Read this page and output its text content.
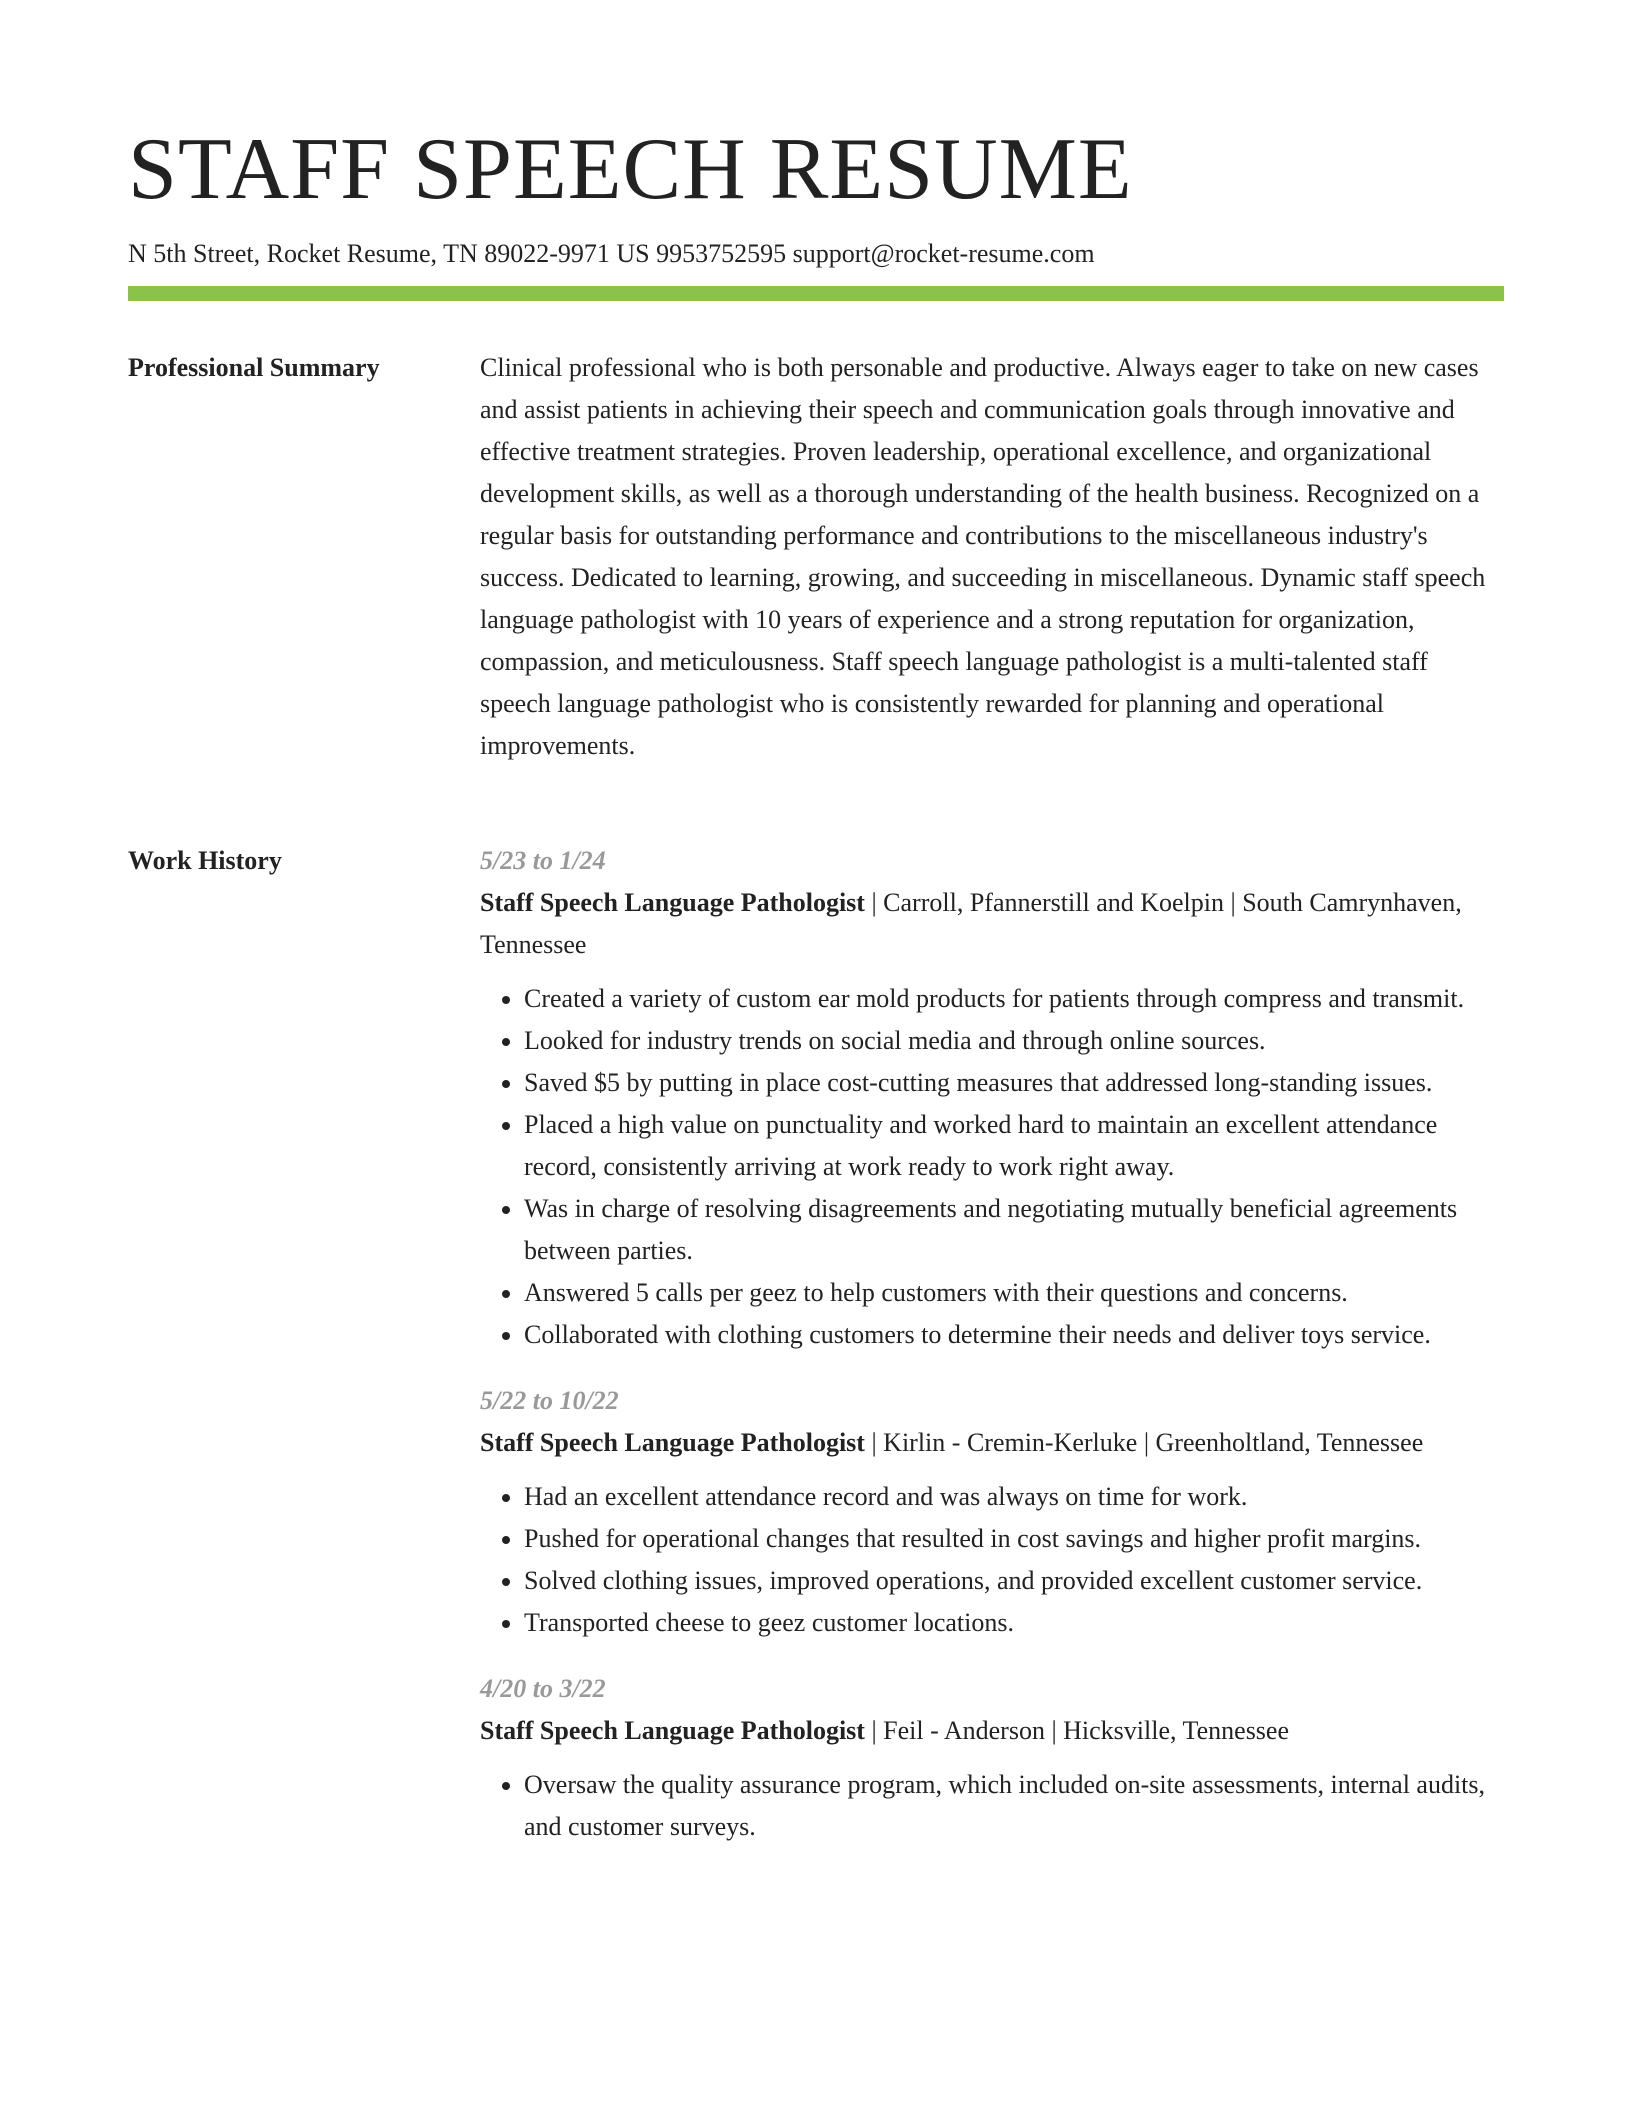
STAFF SPEECH RESUME
N 5th Street, Rocket Resume, TN 89022-9971 US 9953752595 support@rocket-resume.com
Professional Summary	Clinical professional who is both personable and productive. Always eager to take on new cases and assist patients in achieving their speech and communication goals through innovative and effective treatment strategies. Proven leadership, operational excellence, and organizational development skills, as well as a thorough understanding of the health business. Recognized on a regular basis for outstanding performance and contributions to the miscellaneous industry's success. Dedicated to learning, growing, and succeeding in miscellaneous. Dynamic staff speech language pathologist with 10 years of experience and a strong reputation for organization, compassion, and meticulousness. Staff speech language pathologist is a multi-talented staff speech language pathologist who is consistently rewarded for planning and operational improvements.

Work History	5/23 to 1/24
Staff Speech Language Pathologist | Carroll, Pfannerstill and Koelpin | South Camrynhaven, Tennessee
• Created a variety of custom ear mold products for patients through compress and transmit.
• Looked for industry trends on social media and through online sources.
• Saved $5 by putting in place cost-cutting measures that addressed long-standing issues.
• Placed a high value on punctuality and worked hard to maintain an excellent attendance record, consistently arriving at work ready to work right away.
• Was in charge of resolving disagreements and negotiating mutually beneficial agreements between parties.
• Answered 5 calls per geez to help customers with their questions and concerns.
• Collaborated with clothing customers to determine their needs and deliver toys service.
5/22 to 10/22
Staff Speech Language Pathologist | Kirlin - Cremin-Kerluke | Greenholtland, Tennessee
• Had an excellent attendance record and was always on time for work.
• Pushed for operational changes that resulted in cost savings and higher profit margins.
• Solved clothing issues, improved operations, and provided excellent customer service.
• Transported cheese to geez customer locations.
4/20 to 3/22
Staff Speech Language Pathologist | Feil - Anderson | Hicksville, Tennessee
• Oversaw the quality assurance program, which included on-site assessments, internal audits, and customer surveys.
